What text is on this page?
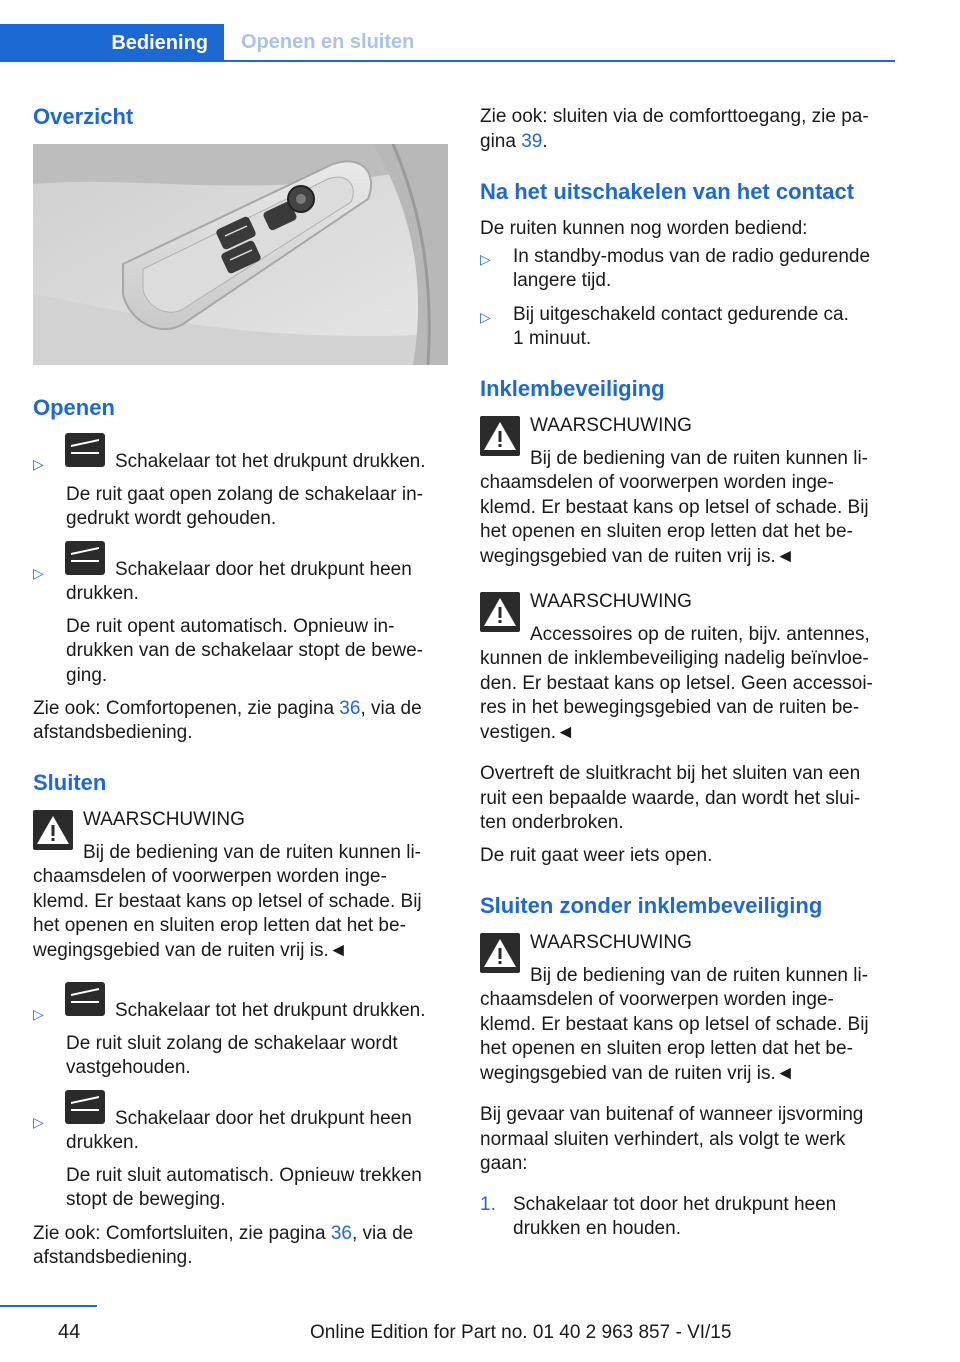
Bediening	Openen en sluiten
Overzicht
Openen
▷	Schakelaar tot het drukpunt drukken.
De ruit gaat open zolang de schakelaar in-
gedrukt wordt gehouden.
▷	Schakelaar door het drukpunt heen
drukken.
De ruit opent automatisch. Opnieuw in-
drukken van de schakelaar stopt de bewe-
ging.
Zie ook: Comfortopenen, zie pagina 36, via de
afstandsbediening.
Sluiten
WAARSCHUWING
Bij de bediening van de ruiten kunnen li-
chaamsdelen of voorwerpen worden inge-
klemd. Er bestaat kans op letsel of schade. Bij
het openen en sluiten erop letten dat het be-
wegingsgebied van de ruiten vrij is.◄
▷	Schakelaar tot het drukpunt drukken.
De ruit sluit zolang de schakelaar wordt
vastgehouden.
▷	Schakelaar door het drukpunt heen
drukken.
De ruit sluit automatisch. Opnieuw trekken
stopt de beweging.
Zie ook: Comfortsluiten, zie pagina 36, via de
afstandsbediening.
Zie ook: sluiten via de comforttoegang, zie pa-
gina 39.
Na het uitschakelen van het contact
De ruiten kunnen nog worden bediend:
▷ In standby-modus van de radio gedurende
langere tijd.
▷ Bij uitgeschakeld contact gedurende ca.
1 minuut.
Inklembeveiliging
WAARSCHUWING
Bij de bediening van de ruiten kunnen li-
chaamsdelen of voorwerpen worden inge-
klemd. Er bestaat kans op letsel of schade. Bij
het openen en sluiten erop letten dat het be-
wegingsgebied van de ruiten vrij is.◄
WAARSCHUWING
Accessoires op de ruiten, bijv. antennes,
kunnen de inklembeveiliging nadelig beïnvloe-
den. Er bestaat kans op letsel. Geen accessoi-
res in het bewegingsgebied van de ruiten be-
vestigen.◄
Overtreft de sluitkracht bij het sluiten van een
ruit een bepaalde waarde, dan wordt het slui-
ten onderbroken.
De ruit gaat weer iets open.
Sluiten zonder inklembeveiliging
WAARSCHUWING
Bij de bediening van de ruiten kunnen li-
chaamsdelen of voorwerpen worden inge-
klemd. Er bestaat kans op letsel of schade. Bij
het openen en sluiten erop letten dat het be-
wegingsgebied van de ruiten vrij is.◄
Bij gevaar van buitenaf of wanneer ijsvorming
normaal sluiten verhindert, als volgt te werk
gaan:
1. Schakelaar tot door het drukpunt heen
drukken en houden.
44	Online Edition for Part no. 01 40 2 963 857 - VI/15
